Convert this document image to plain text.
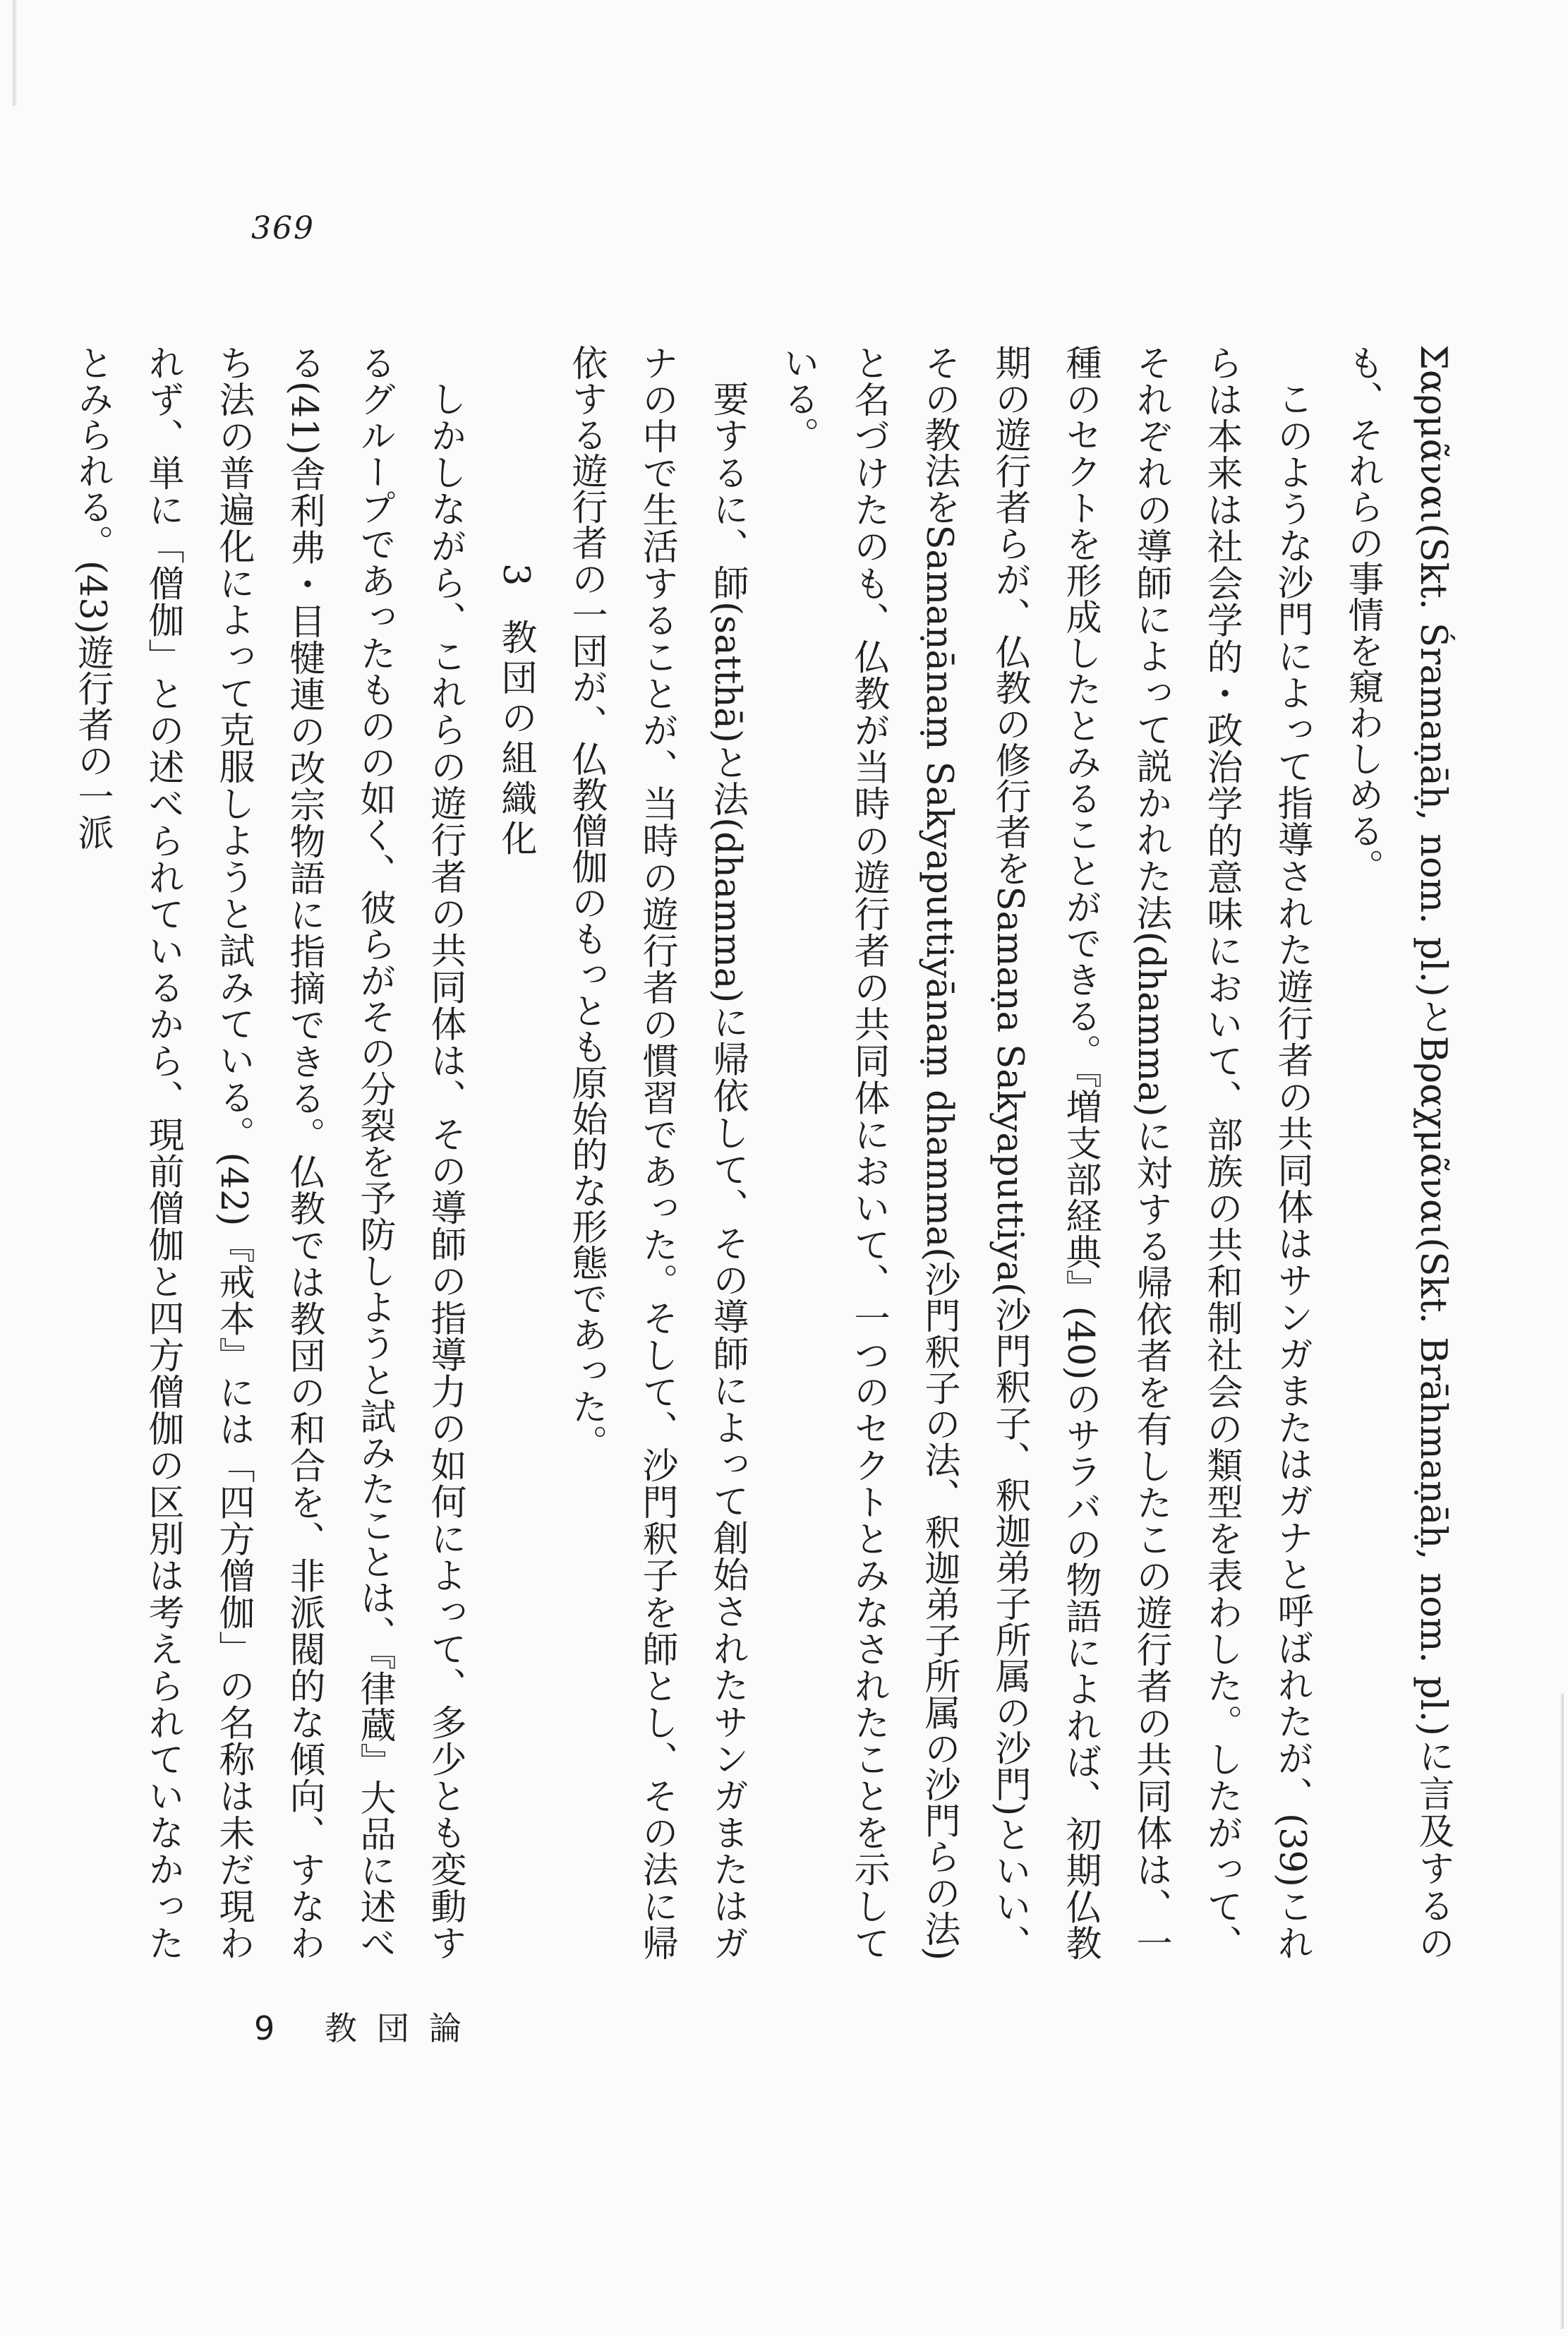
369

Σαρμᾶναι(Skt. Śramaṇāḥ, nom. pl.)とΒραχμᾶναι(Skt. Brāhmaṇāḥ, nom. pl.)に言及するのも、それらの事情を窺わしめる。

このような沙門によって指導された遊行者の共同体はサンガまたはガナと呼ばれたが、(39)これらは本来は社会学的・政治学的意味において、部族の共和制社会の類型を表わした。したがって、それぞれの導師によって説かれた法(dhamma)に対する帰依者を有したこの遊行者の共同体は、一種のセクトを形成したとみることができる。『増支部経典』(40)のサラバの物語によれば、初期仏教期の遊行者らが、仏教の修行者をSamaṇa Sakyaputtiya(沙門釈子、釈迦弟子所属の沙門)といい、その教法をSamaṇānaṃ Sakyaputtiyānaṃ dhamma(沙門釈子の法、釈迦弟子所属の沙門らの法)と名づけたのも、仏教が当時の遊行者の共同体において、一つのセクトとみなされたことを示している。

要するに、師(satthā)と法(dhamma)に帰依して、その導師によって創始されたサンガまたはガナの中で生活することが、当時の遊行者の慣習であった。そして、沙門釈子を師とし、その法に帰依する遊行者の一団が、仏教僧伽のもっとも原始的な形態であった。

3教団の組織化

しかしながら、これらの遊行者の共同体は、その導師の指導力の如何によって、多少とも変動するグループであったものの如く、彼らがその分裂を予防しようと試みたことは、『律蔵』大品に述べる(41)舎利弗・目犍連の改宗物語に指摘できる。仏教では教団の和合を、非派閥的な傾向、すなわち法の普遍化によって克服しようと試みている。(42)『戒本』には「四方僧伽」の名称は未だ現われず、単に「僧伽」との述べられているから、現前僧伽と四方僧伽の区別は考えられていなかったとみられる。(43)遊行者の一派

9 教団論
